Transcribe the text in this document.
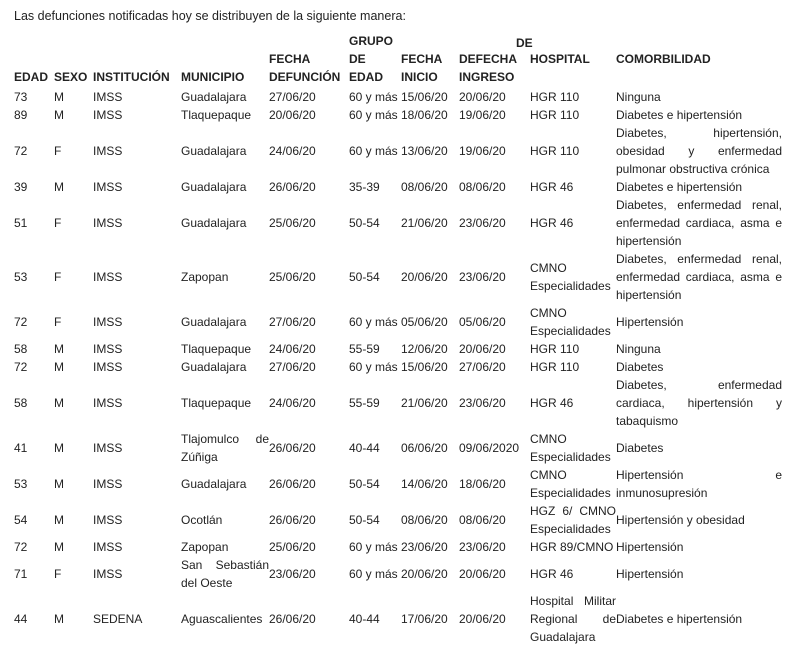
Las defunciones notificadas hoy se distribuyen de la siguiente manera:

EDAD	SEXO	INSTITUCIÓN	MUNICIPIO	FECHA DEFUNCIÓN	GRUPO DE EDAD	FECHA INICIO	DEFECHA INGRESO	DE	HOSPITAL	COMORBILIDAD
73	M	IMSS	Guadalajara	27/06/20	60 y más	15/06/20	20/06/20		HGR 110	Ninguna
89	M	IMSS	Tlaquepaque	20/06/20	60 y más	18/06/20	19/06/20		HGR 110	Diabetes e hipertensión
72	F	IMSS	Guadalajara	24/06/20	60 y más	13/06/20	19/06/20		HGR 110	Diabetes, hipertensión, obesidad y enfermedad pulmonar obstructiva crónica
39	M	IMSS	Guadalajara	26/06/20	35-39	08/06/20	08/06/20		HGR 46	Diabetes e hipertensión
51	F	IMSS	Guadalajara	25/06/20	50-54	21/06/20	23/06/20		HGR 46	Diabetes, enfermedad renal, enfermedad cardiaca, asma e hipertensión
53	F	IMSS	Zapopan	25/06/20	50-54	20/06/20	23/06/20		CMNO Especialidades	Diabetes, enfermedad renal, enfermedad cardiaca, asma e hipertensión
72	F	IMSS	Guadalajara	27/06/20	60 y más	05/06/20	05/06/20		CMNO Especialidades	Hipertensión
58	M	IMSS	Tlaquepaque	24/06/20	55-59	12/06/20	20/06/20		HGR 110	Ninguna
72	M	IMSS	Guadalajara	27/06/20	60 y más	15/06/20	27/06/20		HGR 110	Diabetes
58	M	IMSS	Tlaquepaque	24/06/20	55-59	21/06/20	23/06/20		HGR 46	Diabetes, enfermedad cardiaca, hipertensión y tabaquismo
41	M	IMSS	Tlajomulco de Zúñiga	26/06/20	40-44	06/06/20	09/06/2020		CMNO Especialidades	Diabetes
53	M	IMSS	Guadalajara	26/06/20	50-54	14/06/20	18/06/20		CMNO Especialidades	Hipertensión e inmunosupresión
54	M	IMSS	Ocotlán	26/06/20	50-54	08/06/20	08/06/20		HGZ 6/ CMNO Especialidades	Hipertensión y obesidad
72	M	IMSS	Zapopan	25/06/20	60 y más	23/06/20	23/06/20		HGR 89/CMNO	Hipertensión
71	F	IMSS	San Sebastián del Oeste	23/06/20	60 y más	20/06/20	20/06/20		HGR 46	Hipertensión
44	M	SEDENA	Aguascalientes	26/06/20	40-44	17/06/20	20/06/20		Hospital Militar Regional de Guadalajara	Diabetes e hipertensión
